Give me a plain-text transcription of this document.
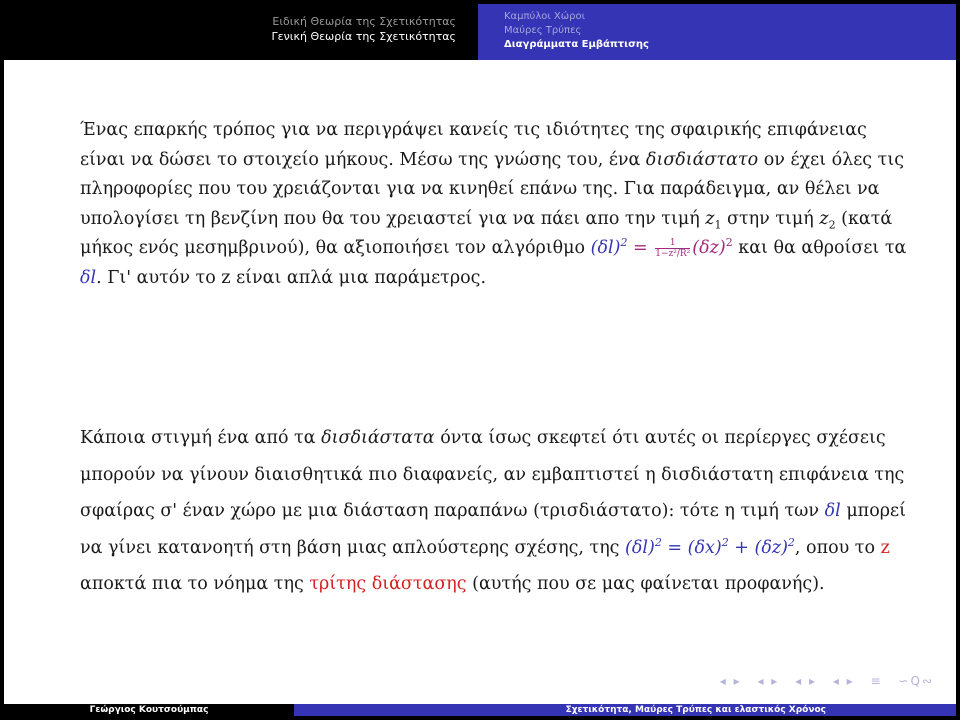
Ειδική Θεωρία της Σχετικότητας
Γενική Θεωρία της Σχετικότητας
Καμπύλοι Χώροι
Μαύρες Τρύπες
Διαγράμματα Εμβάπτισης
Ένας επαρκής τρόπος για να περιγράψει κανείς τις ιδιότητες της σφαιρικής επιφάνειας είναι να δώσει το στοιχείο μήκους. Μέσω της γνώσης του, ένα δισδιάστατο ον έχει όλες τις πληροφορίες που του χρειάζονται για να κινηθεί επάνω της. Για παράδειγμα, αν θέλει να υπολογίσει τη βενζίνη που θα του χρειαστεί για να πάει απο την τιμή $z_1$ στην τιμή $z_2$ (κατά μήκος ενός μεσημβρινού), θα αξιοποιήσει τον αλγόριθμο $(\delta l)^2 = \frac{1}{\text{1−z²/R²}} (\delta z)^2$ και θα αθροίσει τα δl. Γι' αυτόν το z είναι απλά μια παράμετρος.
Κάποια στιγμή ένα από τα δισδιάστατα όντα ίσως σκεφτεί ότι αυτές οι περίεργες σχέσεις μπορούν να γίνουν διαισθητικά πιο διαφανείς, αν εμβαπτιστεί η δισδιάστατη επιφάνεια της σφαίρας σ' έναν χώρο με μια διάσταση παραπάνω (τρισδιάστατο): τότε η τιμή των δl μπορεί να γίνει κατανοητή στη βάση μιας απλούστερης σχέσης, της $(\delta l)^2 = (\delta x)^2 + (\delta z)^2$, οπου το z αποκτά πια το νόημα της τρίτης διάστασης (αυτής που σε μας φαίνεται προφανής).
◂ ▸ ◂ ▸ ◂ ▸ ◂ ▸ ≡ ∽Q∾
Γεώργιος Κουτσούμπας	Σχετικότητα, Μαύρες Τρύπες και ελαστικός Χρόνος
